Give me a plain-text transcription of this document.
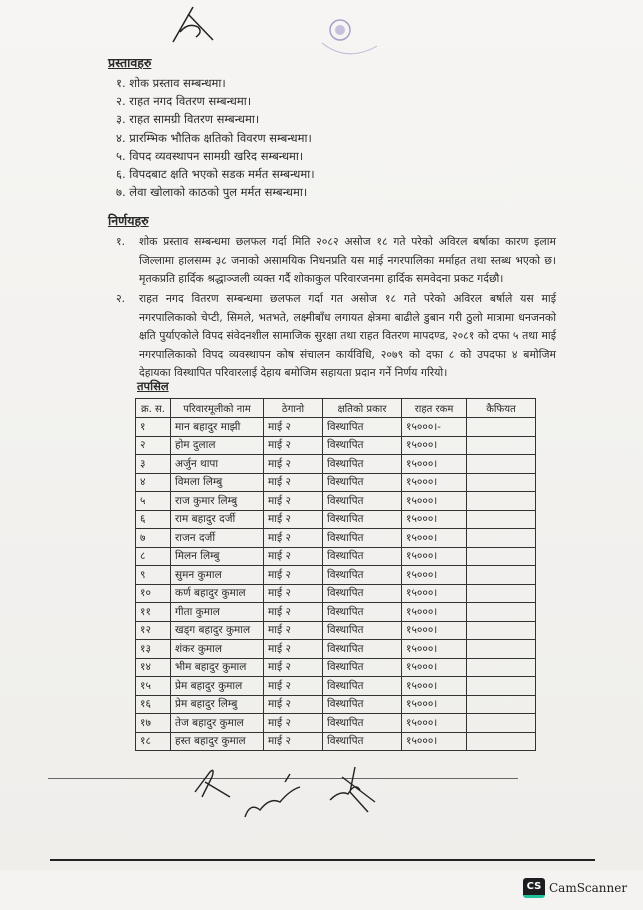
प्रस्तावहरु
१. शोक प्रस्ताव सम्बन्धमा।
२. राहत नगद वितरण सम्बन्धमा।
३. राहत सामग्री वितरण सम्बन्धमा।
४. प्रारम्भिक भौतिक क्षतिको विवरण सम्बन्धमा।
५. विपद व्यवस्थापन सामग्री खरिद सम्बन्धमा।
६. विपदबाट क्षति भएको सडक मर्मत सम्बन्धमा।
७. लेवा खोलाको काठको पुल मर्मत सम्बन्धमा।
निर्णयहरु
१. शोक प्रस्ताव सम्बन्धमा छलफल गर्दा मिति २०८२ असोज १८ गते परेको अविरल बर्षाका कारण इलाम जिल्लामा हालसम्म ३८ जनाको असामयिक निधनप्रति यस माई नगरपालिका मर्माहत तथा स्तब्ध भएको छ। मृतकप्रति हार्दिक श्रद्धाञ्जली व्यक्त गर्दै शोकाकुल परिवारजनमा हार्दिक समवेदना प्रकट गर्दछौ।
२. राहत नगद वितरण सम्बन्धमा छलफल गर्दा गत असोज १८ गते परेको अविरल बर्षाले यस माई नगरपालिकाको चेप्टी, सिमले, भतभते, लक्ष्मीबाँध लगायत क्षेत्रमा बाढीले डुबान गरी ठुलो मात्रामा धनजनको क्षति पुर्याएकोले विपद संवेदनशील सामाजिक सुरक्षा तथा राहत वितरण मापदण्ड, २०८१ को दफा ५ तथा माई नगरपालिकाको विपद व्यवस्थापन कोष संचालन कार्यविधि, २०७९ को दफा ८ को उपदफा ४ बमोजिम देहायका विस्थापित परिवारलाई देहाय बमोजिम सहायता प्रदान गर्ने निर्णय गरियो।
तपसिल
क्र. स.	परिवारमूलीको नाम	ठेगानो	क्षतिको प्रकार	राहत रकम	कैफियत
१	मान बहादुर माझी	माई २	विस्थापित	१५०००।-	
२	होम दुलाल	माई २	विस्थापित	१५०००।	
३	अर्जुन थापा	माई २	विस्थापित	१५०००।	
४	विमला लिम्बु	माई २	विस्थापित	१५०००।	
५	राज कुमार लिम्बु	माई २	विस्थापित	१५०००।	
६	राम बहादुर दर्जी	माई २	विस्थापित	१५०००।	
७	राजन दर्जी	माई २	विस्थापित	१५०००।	
८	मिलन लिम्बु	माई २	विस्थापित	१५०००।	
९	सुमन कुमाल	माई २	विस्थापित	१५०००।	
१०	कर्ण बहादुर कुमाल	माई २	विस्थापित	१५०००।	
११	गीता कुमाल	माई २	विस्थापित	१५०००।	
१२	खड्ग बहादुर कुमाल	माई २	विस्थापित	१५०००।	
१३	शंकर कुमाल	माई २	विस्थापित	१५०००।	
१४	भीम बहादुर कुमाल	माई २	विस्थापित	१५०००।	
१५	प्रेम बहादुर कुमाल	माई २	विस्थापित	१५०००।	
१६	प्रेम बहादुर लिम्बु	माई २	विस्थापित	१५०००।	
१७	तेज बहादुर कुमाल	माई २	विस्थापित	१५०००।	
१८	हस्त बहादुर कुमाल	माई २	विस्थापित	१५०००।	
CS CamScanner
